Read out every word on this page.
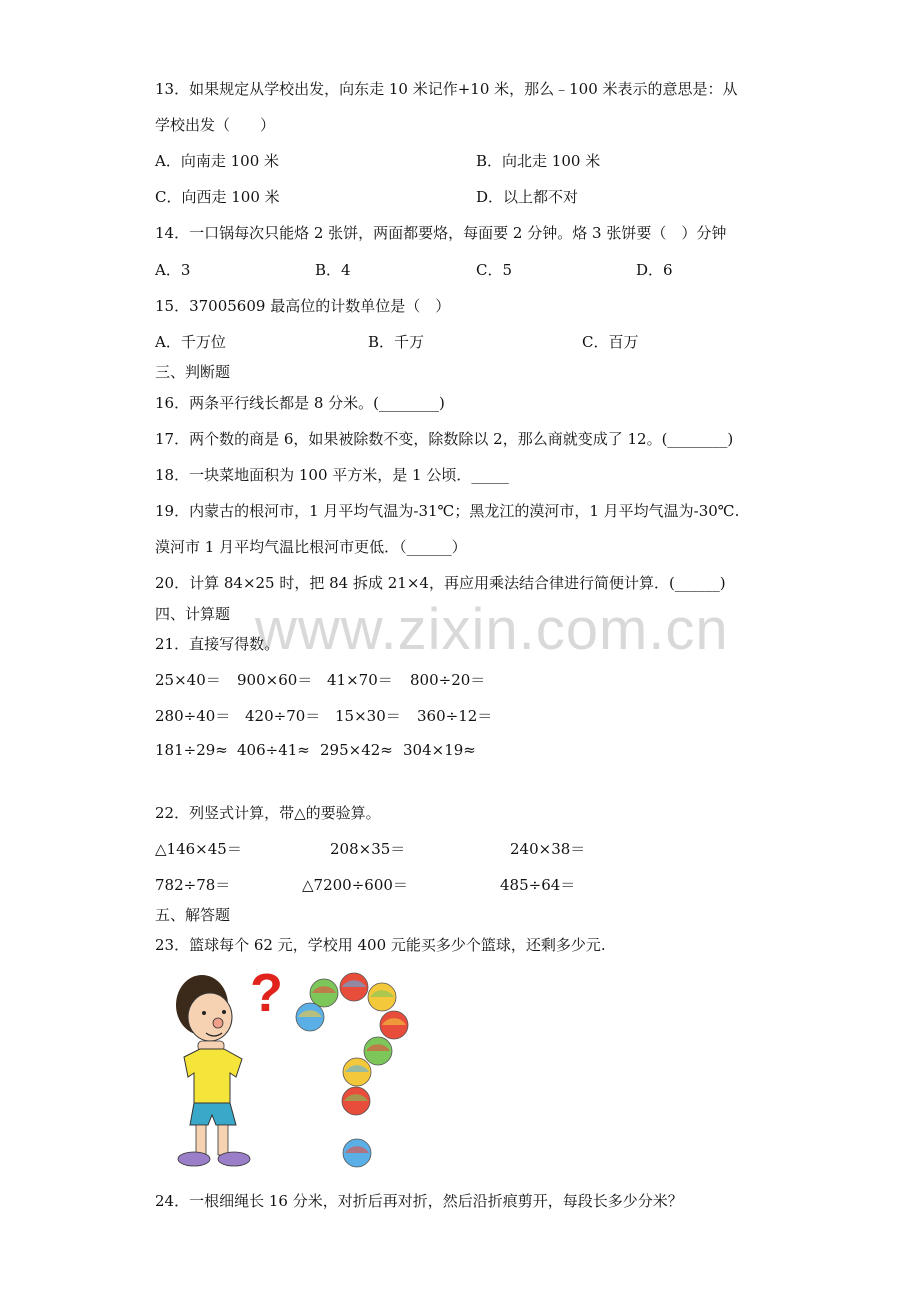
www.zixin.com.cn
13．如果规定从学校出发，向东走 10 米记作+10 米，那么﹣100 米表示的意思是：从
学校出发（　　）
A．向南走 100 米	B．向北走 100 米
C．向西走 100 米	D．以上都不对
14．一口锅每次只能烙 2 张饼，两面都要烙，每面要 2 分钟。烙 3 张饼要（　）分钟
A．3	B．4	C．5	D．6
15．37005609 最高位的计数单位是（　）
A．千万位	B．千万	C．百万
三、判断题
16．两条平行线长都是 8 分米。(________)
17．两个数的商是 6，如果被除数不变，除数除以 2，那么商就变成了 12。(________)
18．一块菜地面积为 100 平方米，是 1 公顷．_____
19．内蒙古的根河市，1 月平均气温为-31℃；黑龙江的漠河市，1 月平均气温为-30℃.
漠河市 1 月平均气温比根河市更低．（______）
20．计算 84×25 时，把 84 拆成 21×4，再应用乘法结合律进行简便计算．(______)
四、计算题
21．直接写得数。
25×40＝ 900×60＝ 41×70＝ 800÷20＝
280÷40＝ 420÷70＝ 15×30＝ 360÷12＝
181÷29≈ 406÷41≈ 295×42≈ 304×19≈
22．列竖式计算，带△的要验算。
△146×45＝	208×35＝	240×38＝
782÷78＝	△7200÷600＝	485÷64＝
五、解答题
23．篮球每个 62 元，学校用 400 元能买多少个篮球，还剩多少元.
?
24．一根细绳长 16 分米，对折后再对折，然后沿折痕剪开，每段长多少分米？
